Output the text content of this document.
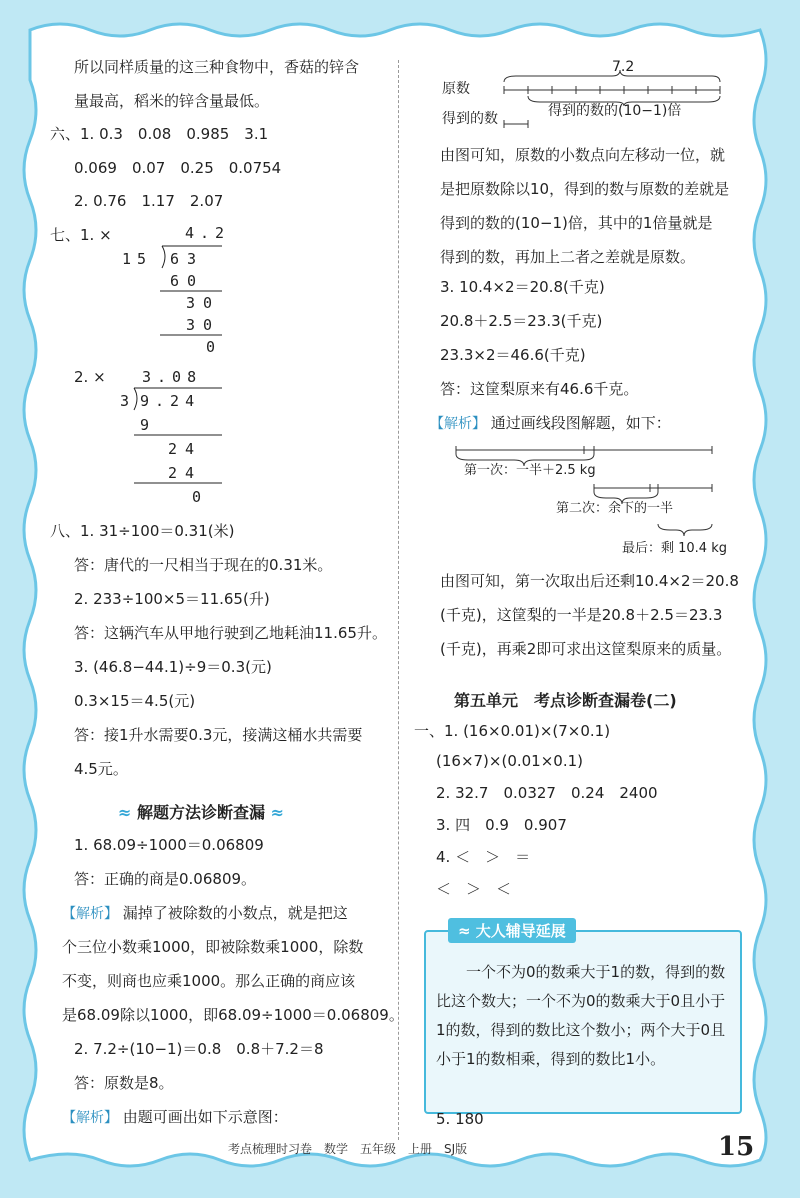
所以同样质量的这三种食物中，香菇的锌含
量最高，稻米的锌含量最低。
六、1. 0.3　0.08　0.985　3.1
0.069　0.07　0.25　0.0754
2. 0.76　1.17　2.07
七、1. ×	4.2
15 63
60
30
30
0
2. × 3.08
3 9.24
9
24
24
0
八、1. 31÷100＝0.31(米)
答：唐代的一尺相当于现在的0.31米。
2. 233÷100×5＝11.65(升)
答：这辆汽车从甲地行驶到乙地耗油11.65升。
3. (46.8−44.1)÷9＝0.3(元)
0.3×15＝4.5(元)
答：接1升水需要0.3元，接满这桶水共需要
4.5元。
≈ 解题方法诊断查漏 ≈
1. 68.09÷1000＝0.06809
答：正确的商是0.06809。
【解析】 漏掉了被除数的小数点，就是把这
个三位小数乘1000，即被除数乘1000，除数
不变，则商也应乘1000。那么正确的商应该
是68.09除以1000，即68.09÷1000＝0.06809。
2. 7.2÷(10−1)＝0.8　0.8＋7.2＝8
答：原数是8。
【解析】 由题可画出如下示意图：
7.2
原数
得到的数	得到的数的(10−1)倍
由图可知，原数的小数点向左移动一位，就
是把原数除以10，得到的数与原数的差就是
得到的数的(10−1)倍，其中的1倍量就是
得到的数，再加上二者之差就是原数。
3. 10.4×2＝20.8(千克)
20.8＋2.5＝23.3(千克)
23.3×2＝46.6(千克)
答：这筐梨原来有46.6千克。
【解析】 通过画线段图解题，如下：
第一次：一半＋2.5 kg
第二次：余下的一半
最后：剩 10.4 kg
由图可知，第一次取出后还剩10.4×2＝20.8
(千克)，这筐梨的一半是20.8＋2.5＝23.3
(千克)，再乘2即可求出这筐梨原来的质量。
第五单元　考点诊断查漏卷(二)
一、1. (16×0.01)×(7×0.1)
(16×7)×(0.01×0.1)
2. 32.7　0.0327　0.24　2400
3. 四　0.9　0.907
4. ＜　＞　＝
＜　＞　＜
≈ 大人辅导延展
一个不为0的数乘大于1的数，得到的数比这个数大；一个不为0的数乘大于0且小于1的数，得到的数比这个数小；两个大于0且小于1的数相乘，得到的数比1小。
5. 180
考点梳理时习卷　数学　五年级　上册　SJ版	15
